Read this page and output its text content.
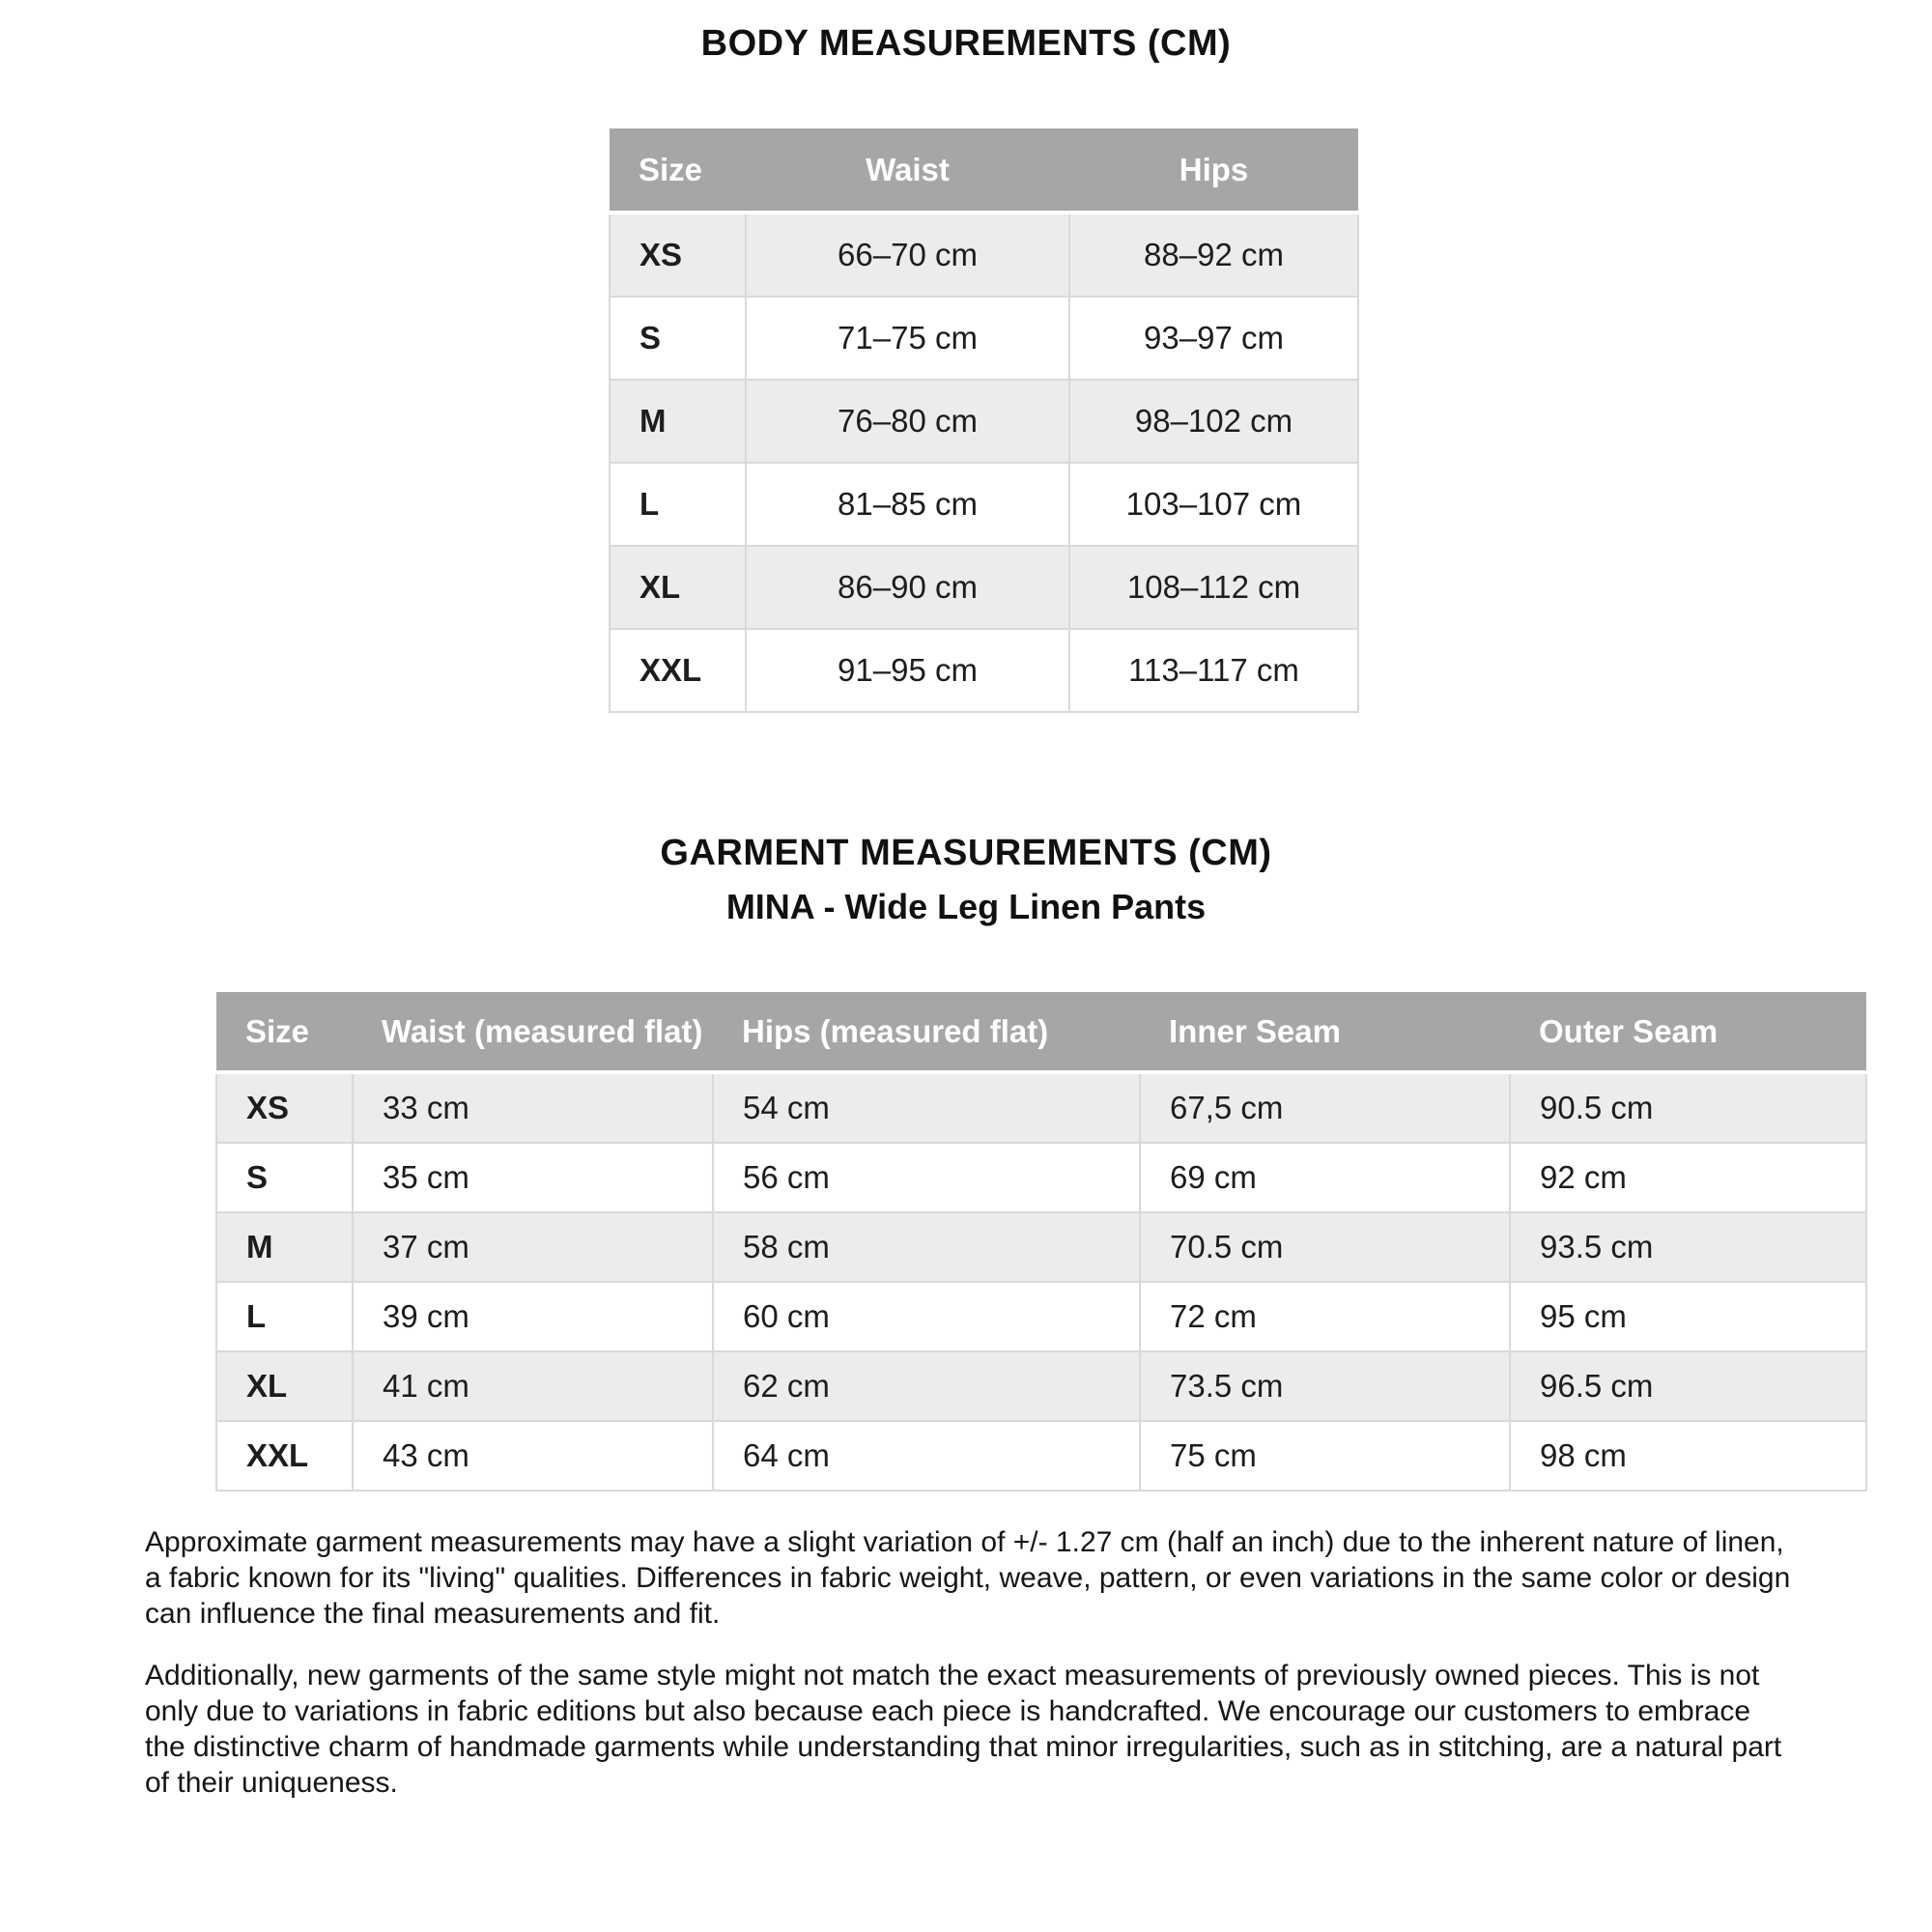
BODY MEASUREMENTS (CM)
Size	Waist	Hips
XS	66–70 cm	88–92 cm
S	71–75 cm	93–97 cm
M	76–80 cm	98–102 cm
L	81–85 cm	103–107 cm
XL	86–90 cm	108–112 cm
XXL	91–95 cm	113–117 cm
GARMENT MEASUREMENTS (CM)
MINA - Wide Leg Linen Pants
Size	Waist (measured flat)	Hips (measured flat)	Inner Seam	Outer Seam
XS	33 cm	54 cm	67,5 cm	90.5 cm
S	35 cm	56 cm	69 cm	92 cm
M	37 cm	58 cm	70.5 cm	93.5 cm
L	39 cm	60 cm	72 cm	95 cm
XL	41 cm	62 cm	73.5 cm	96.5 cm
XXL	43 cm	64 cm	75 cm	98 cm

Approximate garment measurements may have a slight variation of +/- 1.27 cm (half an inch) due to the inherent nature of linen, a fabric known for its "living" qualities. Differences in fabric weight, weave, pattern, or even variations in the same color or design can influence the final measurements and fit.

Additionally, new garments of the same style might not match the exact measurements of previously owned pieces. This is not only due to variations in fabric editions but also because each piece is handcrafted. We encourage our customers to embrace the distinctive charm of handmade garments while understanding that minor irregularities, such as in stitching, are a natural part of their uniqueness.
